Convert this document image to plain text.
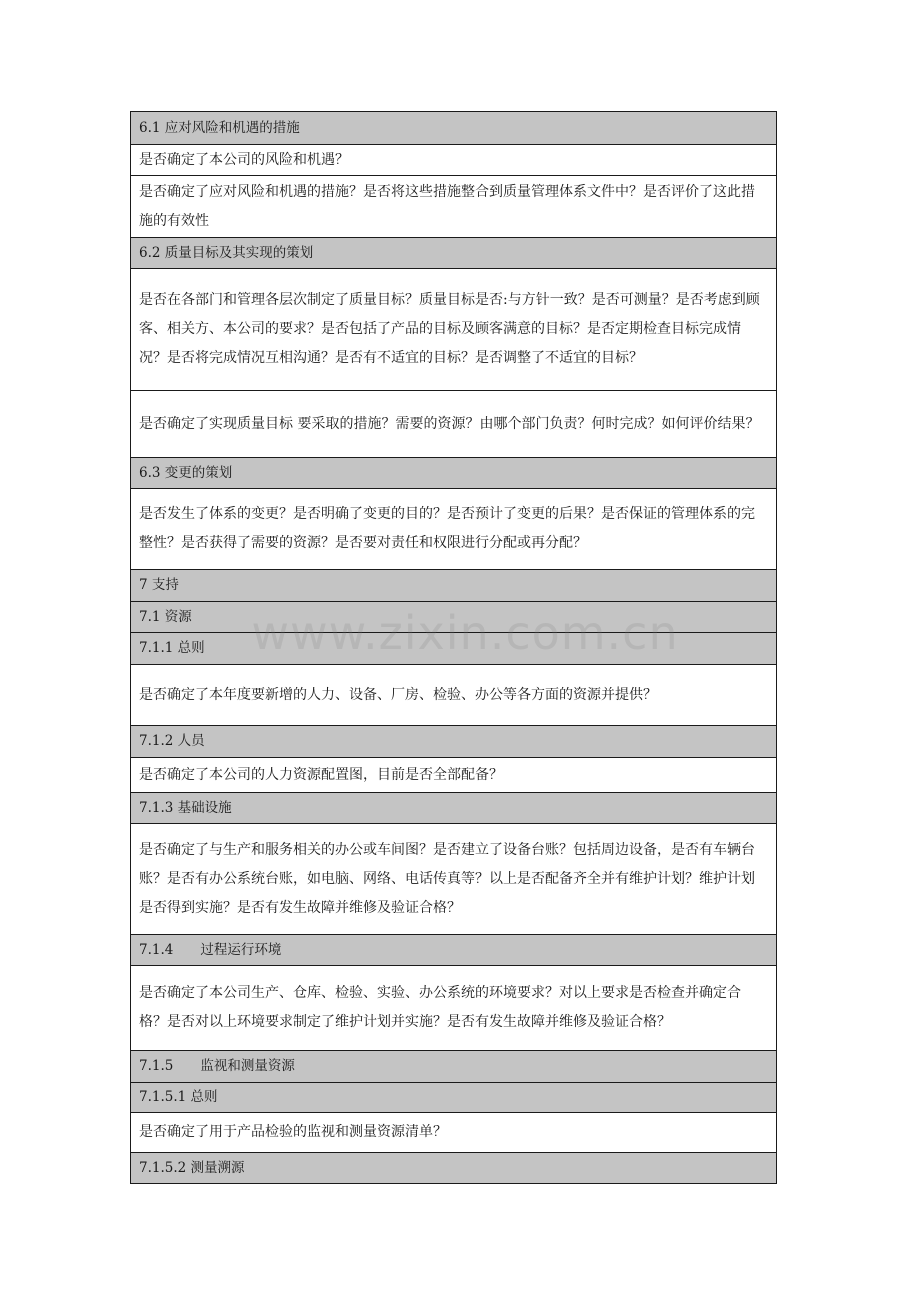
6.1 应对风险和机遇的措施
是否确定了本公司的风险和机遇？
是否确定了应对风险和机遇的措施？是否将这些措施整合到质量管理体系文件中？是否评价了这此措施的有效性
6.2 质量目标及其实现的策划
是否在各部门和管理各层次制定了质量目标？质量目标是否:与方针一致？是否可测量？是否考虑到顾客、相关方、本公司的要求？是否包括了产品的目标及顾客满意的目标？是否定期检查目标完成情况？是否将完成情况互相沟通？是否有不适宜的目标？是否调整了不适宜的目标？
是否确定了实现质量目标 要采取的措施？需要的资源？由哪个部门负责？何时完成？如何评价结果？
6.3 变更的策划
是否发生了体系的变更？是否明确了变更的目的？是否预计了变更的后果？是否保证的管理体系的完整性？是否获得了需要的资源？是否要对责任和权限进行分配或再分配？
7 支持
7.1 资源
7.1.1 总则
是否确定了本年度要新增的人力、设备、厂房、检验、办公等各方面的资源并提供？
7.1.2 人员
是否确定了本公司的人力资源配置图，目前是否全部配备？
7.1.3 基础设施
是否确定了与生产和服务相关的办公或车间图？是否建立了设备台账？包括周边设备，是否有车辆台账？是否有办公系统台账，如电脑、网络、电话传真等？以上是否配备齐全并有维护计划？维护计划是否得到实施？是否有发生故障并维修及验证合格？
7.1.4　　过程运行环境
是否确定了本公司生产、仓库、检验、实验、办公系统的环境要求？对以上要求是否检查并确定合格？是否对以上环境要求制定了维护计划并实施？是否有发生故障并维修及验证合格？
7.1.5　　监视和测量资源
7.1.5.1 总则
是否确定了用于产品检验的监视和测量资源清单？
7.1.5.2 测量溯源
